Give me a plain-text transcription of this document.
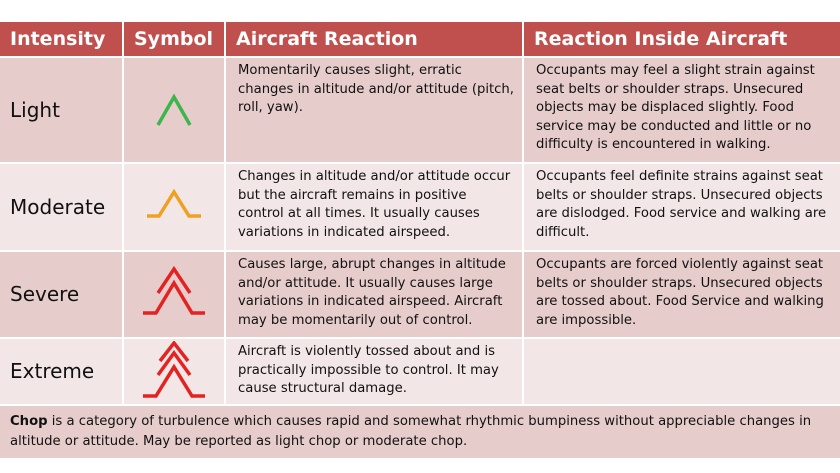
Intensity	Symbol	Aircraft Reaction	Reaction Inside Aircraft
Light		Momentarily causes slight, erratic changes in altitude and/or attitude (pitch, roll, yaw).	Occupants may feel a slight strain against seat belts or shoulder straps. Unsecured objects may be displaced slightly. Food service may be conducted and little or no difficulty is encountered in walking.
Moderate		Changes in altitude and/or attitude occur but the aircraft remains in positive control at all times. It usually causes variations in indicated airspeed.	Occupants feel definite strains against seat belts or shoulder straps. Unsecured objects are dislodged. Food service and walking are difficult.
Severe		Causes large, abrupt changes in altitude and/or attitude. It usually causes large variations in indicated airspeed. Aircraft may be momentarily out of control.	Occupants are forced violently against seat belts or shoulder straps. Unsecured objects are tossed about. Food Service and walking are impossible.
Extreme		Aircraft is violently tossed about and is practically impossible to control. It may cause structural damage.	
Chop is a category of turbulence which causes rapid and somewhat rhythmic bumpiness without appreciable changes in altitude or attitude. May be reported as light chop or moderate chop.
